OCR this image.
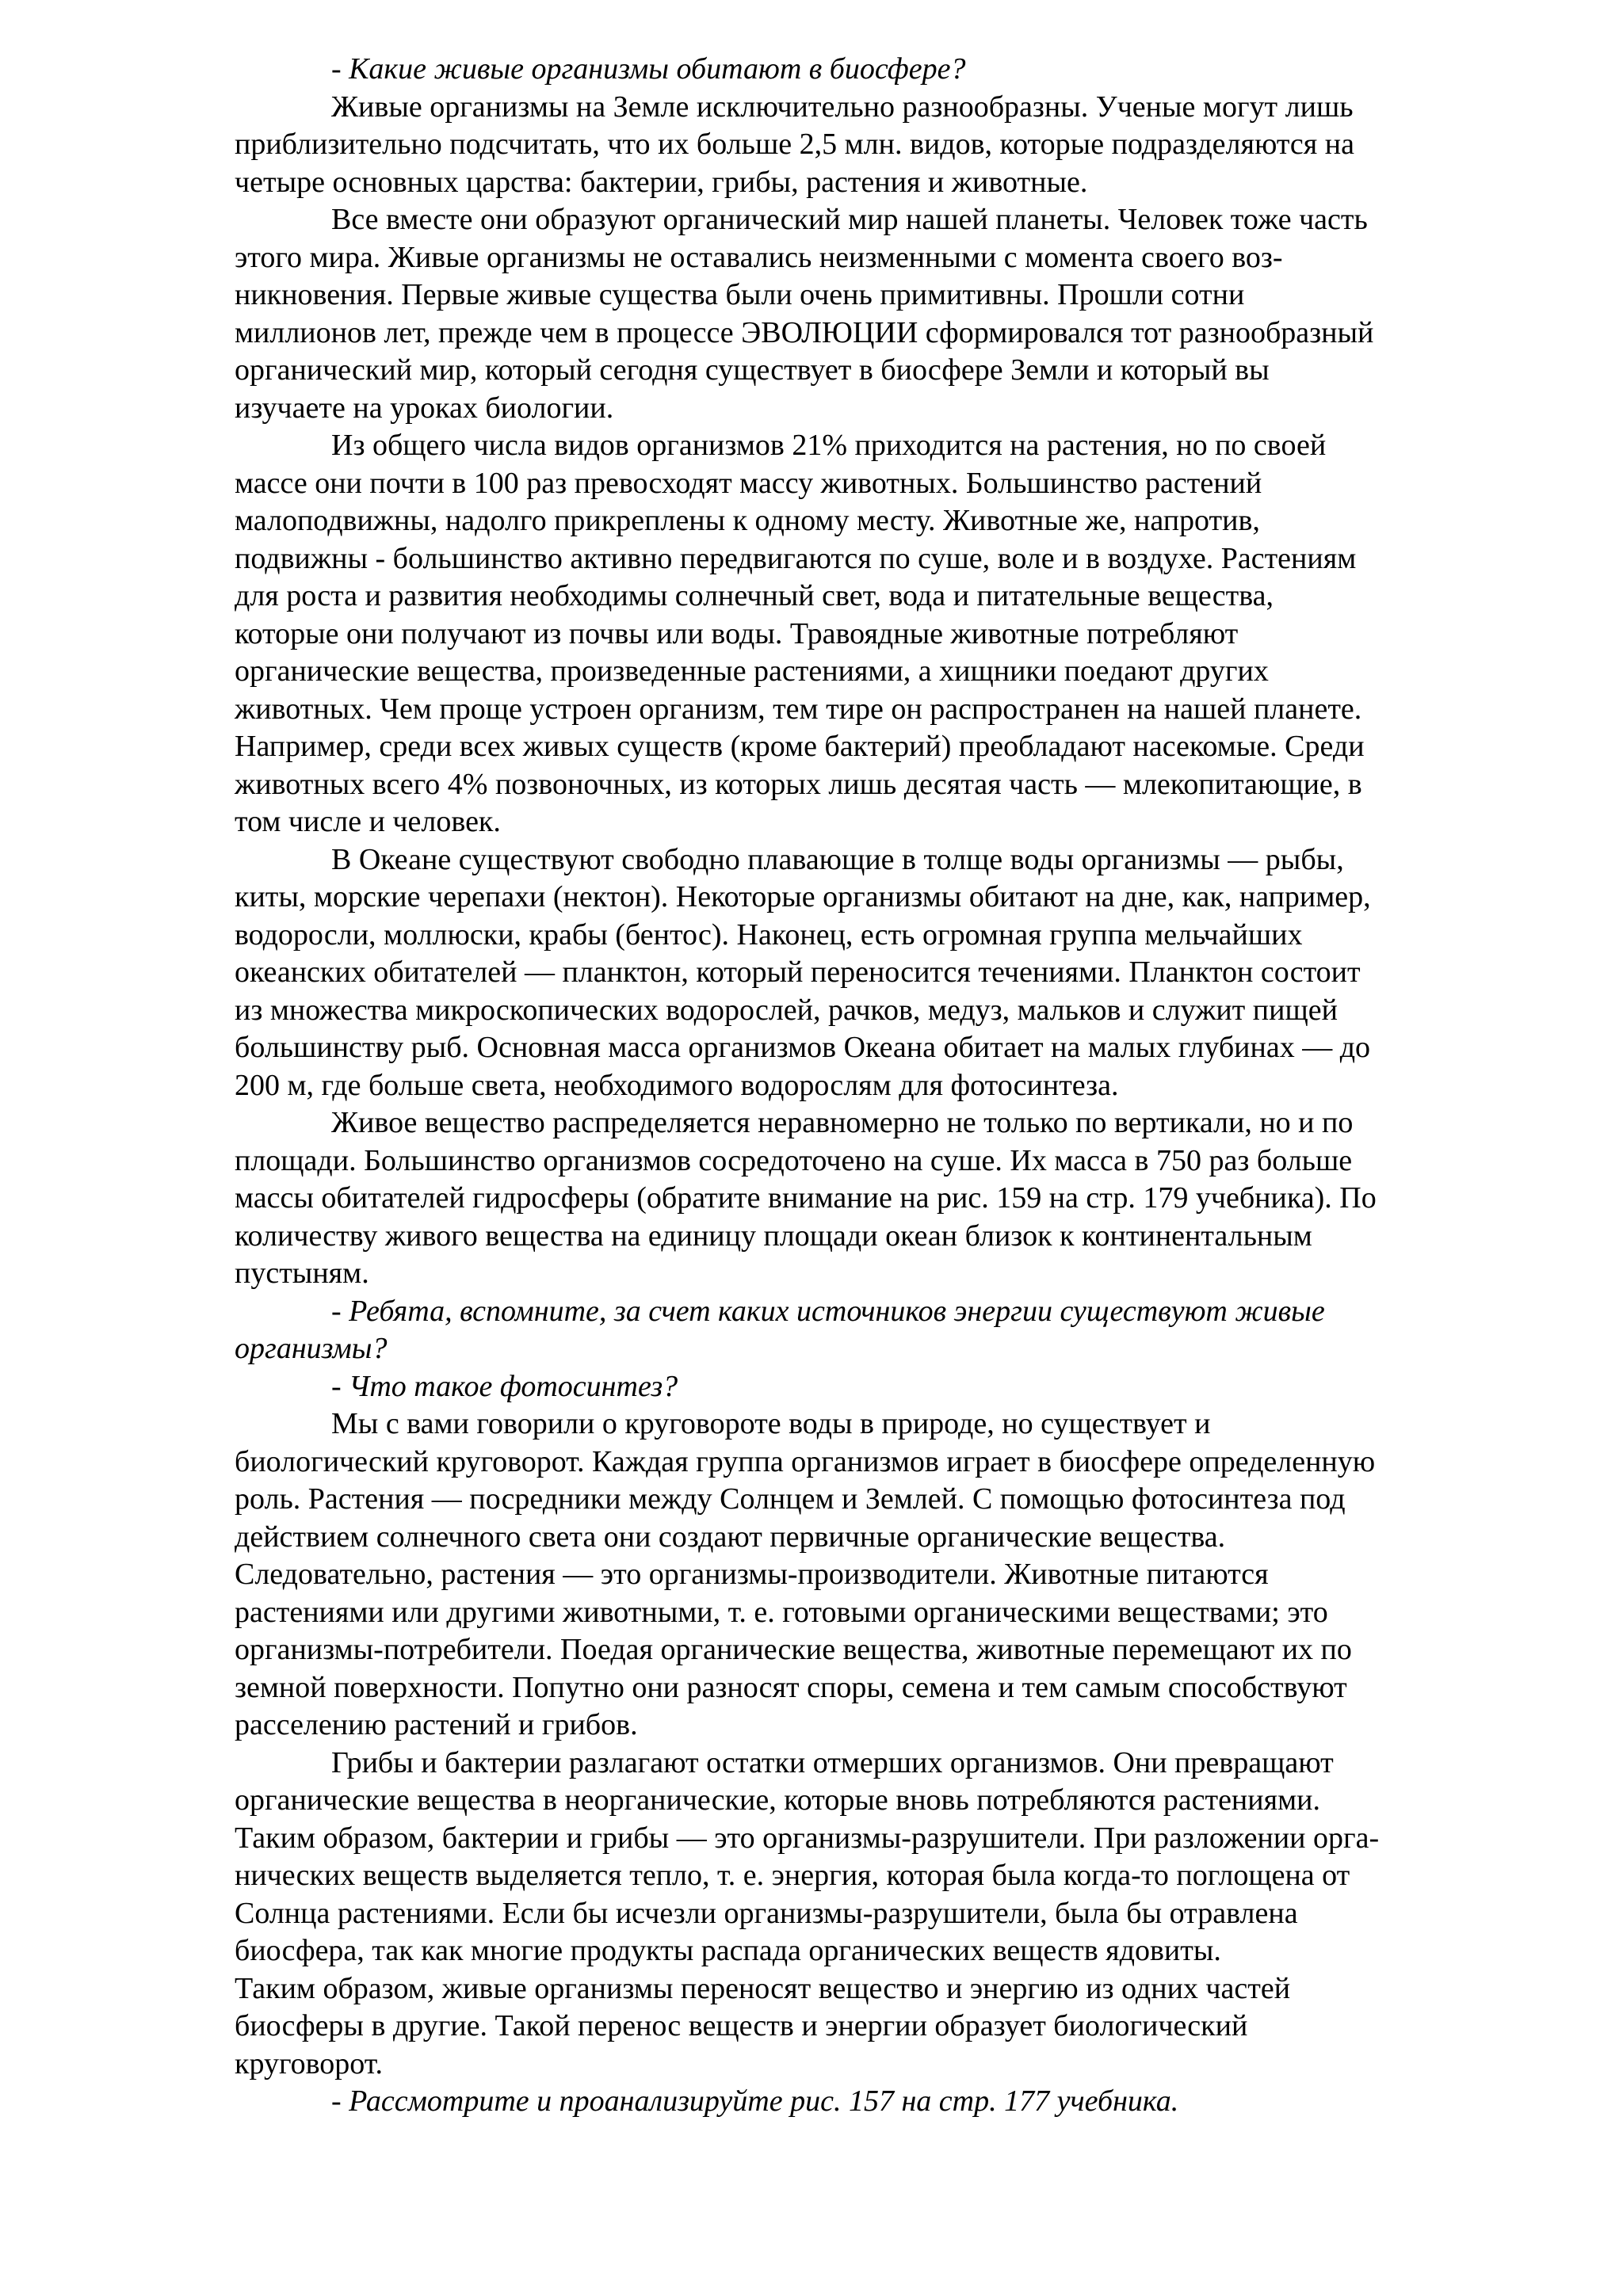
- Какие живые организмы обитают в биосфере?
Живые организмы на Земле исключительно разнообразны. Ученые могут лишь
приблизительно подсчитать, что их больше 2,5 млн. видов, которые подразделяются на
четыре основных царства: бактерии, грибы, растения и животные.
Все вместе они образуют органический мир нашей планеты. Человек тоже часть
этого мира. Живые организмы не оставались неизменными с момента своего воз-
никновения. Первые живые существа были очень примитивны. Прошли сотни
миллионов лет, прежде чем в процессе ЭВОЛЮЦИИ сформировался тот разнообразный
органический мир, который сегодня существует в биосфере Земли и который вы
изучаете на уроках биологии.
Из общего числа видов организмов 21% приходится на растения, но по своей
массе они почти в 100 раз превосходят массу животных. Большинство растений
малоподвижны, надолго прикреплены к одному месту. Животные же, напротив,
подвижны - большинство активно передвигаются по суше, воле и в воздухе. Растениям
для роста и развития необходимы солнечный свет, вода и питательные вещества,
которые они получают из почвы или воды. Травоядные животные потребляют
органические вещества, произведенные растениями, а хищники поедают других
животных. Чем проще устроен организм, тем тире он распространен на нашей планете.
Например, среди всех живых существ (кроме бактерий) преобладают насекомые. Среди
животных всего 4% позвоночных, из которых лишь десятая часть — млекопитающие, в
том числе и человек.
В Океане существуют свободно плавающие в толще воды организмы — рыбы,
киты, морские черепахи (нектон). Некоторые организмы обитают на дне, как, например,
водоросли, моллюски, крабы (бентос). Наконец, есть огромная группа мельчайших
океанских обитателей — планктон, который переносится течениями. Планктон состоит
из множества микроскопических водорослей, рачков, медуз, мальков и служит пищей
большинству рыб. Основная масса организмов Океана обитает на малых глубинах — до
200 м, где больше света, необходимого водорослям для фотосинтеза.
Живое вещество распределяется неравномерно не только по вертикали, но и по
площади. Большинство организмов сосредоточено на суше. Их масса в 750 раз больше
массы обитателей гидросферы (обратите внимание на рис. 159 на стр. 179 учебника). По
количеству живого вещества на единицу площади океан близок к континентальным
пустыням.
- Ребята, вспомните, за счет каких источников энергии существуют живые
организмы?
- Что такое фотосинтез?
Мы с вами говорили о круговороте воды в природе, но существует и
биологический круговорот. Каждая группа организмов играет в биосфере определенную
роль. Растения — посредники между Солнцем и Землей. С помощью фотосинтеза под
действием солнечного света они создают первичные органические вещества.
Следовательно, растения — это организмы-производители. Животные питаются
растениями или другими животными, т. е. готовыми органическими веществами; это
организмы-потребители. Поедая органические вещества, животные перемещают их по
земной поверхности. Попутно они разносят споры, семена и тем самым способствуют
расселению растений и грибов.
Грибы и бактерии разлагают остатки отмерших организмов. Они превращают
органические вещества в неорганические, которые вновь потребляются растениями.
Таким образом, бактерии и грибы — это организмы-разрушители. При разложении орга-
нических веществ выделяется тепло, т. е. энергия, которая была когда-то поглощена от
Солнца растениями. Если бы исчезли организмы-разрушители, была бы отравлена
биосфера, так как многие продукты распада органических веществ ядовиты.
Таким образом, живые организмы переносят вещество и энергию из одних частей
биосферы в другие. Такой перенос веществ и энергии образует биологический
круговорот.
- Рассмотрите и проанализируйте рис. 157 на стр. 177 учебника.
